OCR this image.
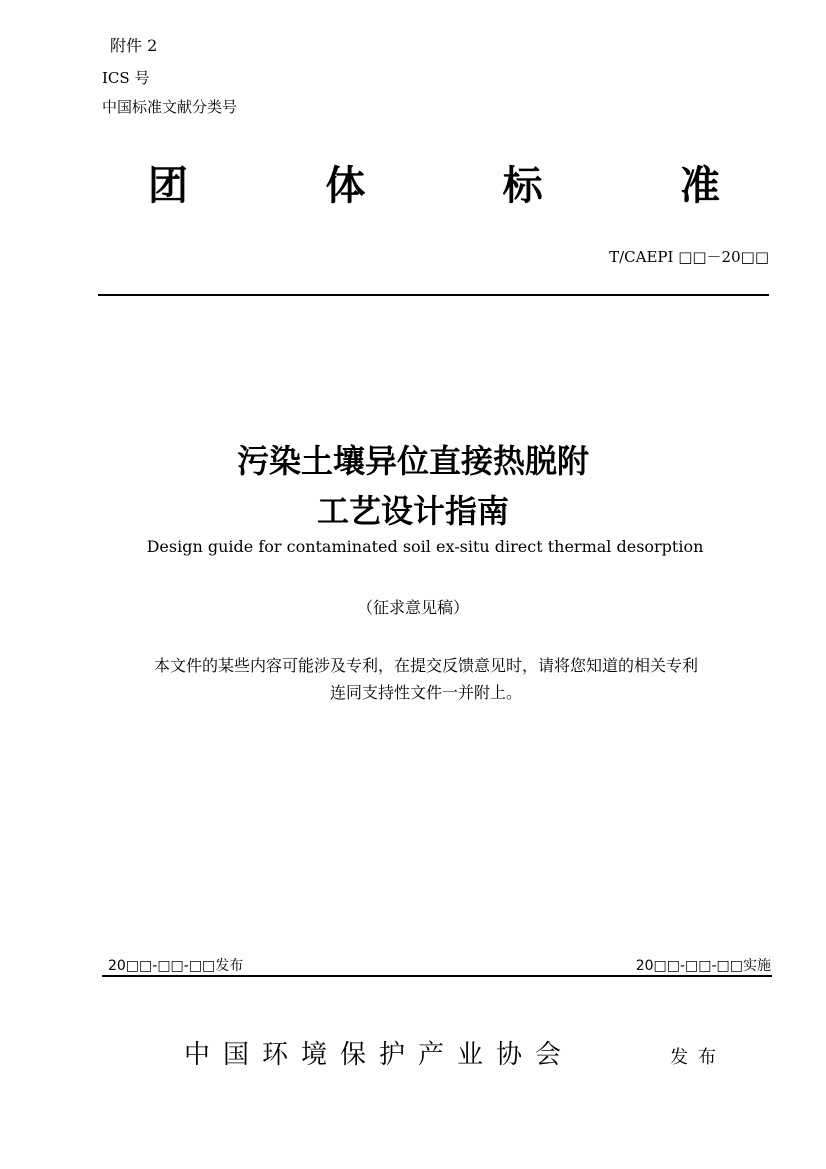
附件 2
ICS 号
中国标准文献分类号
团	体	标	准
T/CAEPI □□－20□□
污染土壤异位直接热脱附
工艺设计指南
Design guide for contaminated soil ex-situ direct thermal desorption
（征求意见稿）
本文件的某些内容可能涉及专利，在提交反馈意见时，请将您知道的相关专利
连同支持性文件一并附上。
20□□-□□-□□发布	20□□-□□-□□实施
中国环境保护产业协会	发布
